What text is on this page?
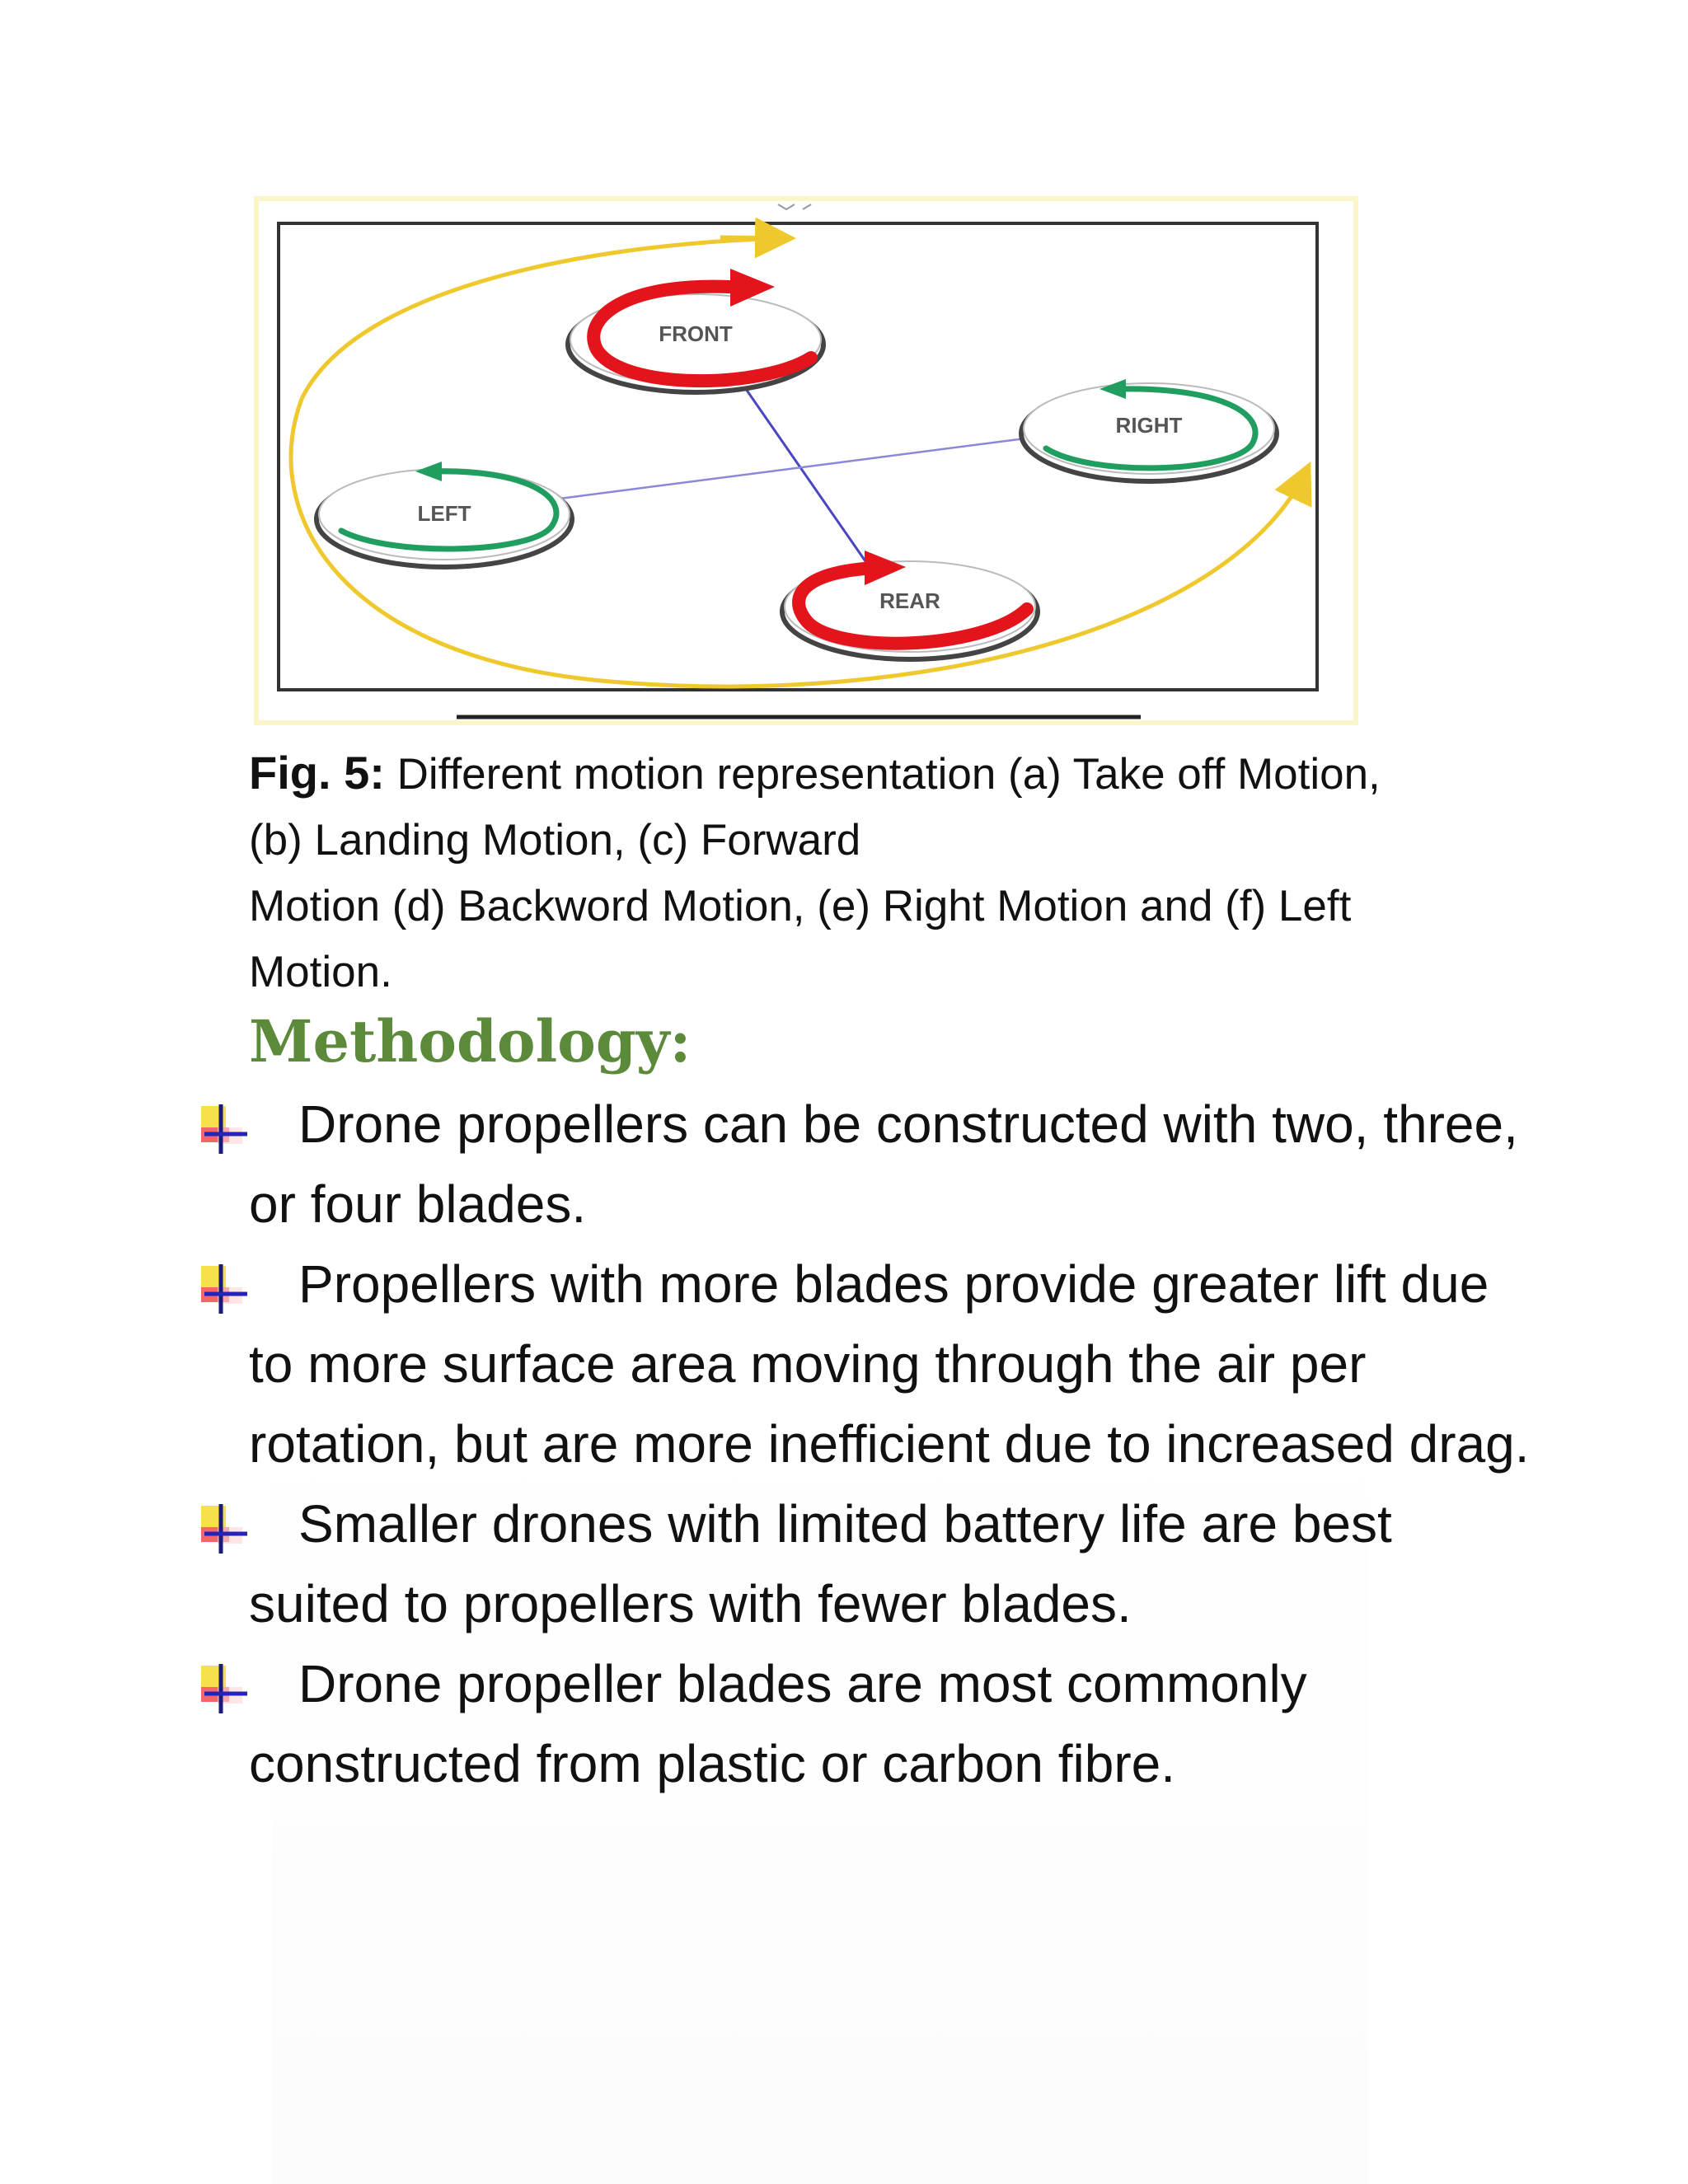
FRONT
RIGHT
LEFT
REAR
Fig. 5: Different motion representation (a) Take off Motion,
(b) Landing Motion, (c) Forward
Motion (d) Backword Motion, (e) Right Motion and (f) Left
Motion.
Methodology:
Drone propellers can be constructed with two, three, or four blades.
Propellers with more blades provide greater lift due to more surface area moving through the air per rotation, but are more inefficient due to increased drag.
Smaller drones with limited battery life are best suited to propellers with fewer blades.
Drone propeller blades are most commonly constructed from plastic or carbon fibre.
